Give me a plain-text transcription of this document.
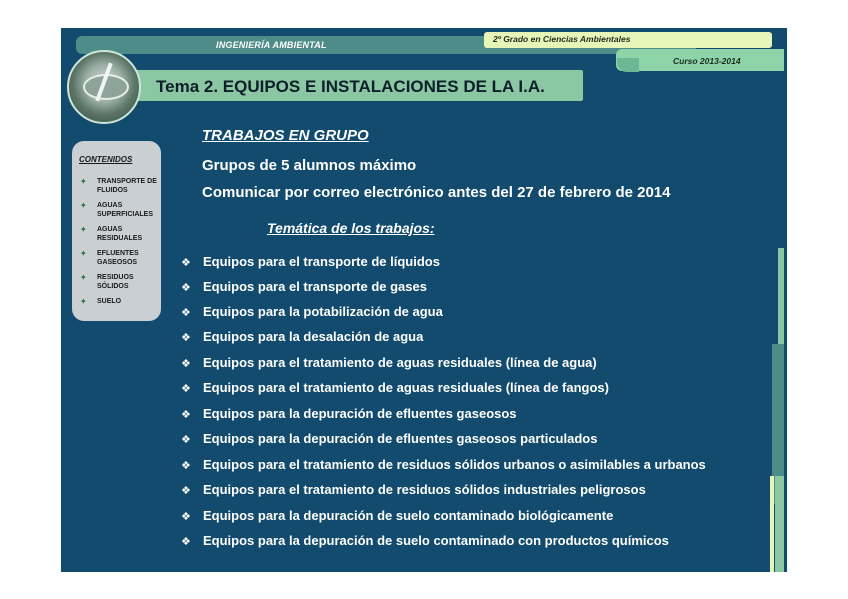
INGENIERÍA AMBIENTAL
2º Grado en Ciencias Ambientales
Curso 2013-2014
Tema 2. EQUIPOS E INSTALACIONES DE LA I.A.
CONTENIDOS
✦ TRANSPORTE DE FLUIDOS
✦ AGUAS SUPERFICIALES
✦ AGUAS RESIDUALES
✦ EFLUENTES GASEOSOS
✦ RESIDUOS SÓLIDOS
✦ SUELO
TRABAJOS EN GRUPO
Grupos de 5 alumnos máximo
Comunicar por correo electrónico antes del 27 de febrero de 2014
Temática de los trabajos:
❖ Equipos para el transporte de líquidos
❖ Equipos para el transporte de gases
❖ Equipos para la potabilización de agua
❖ Equipos para la desalación de agua
❖ Equipos para el tratamiento de aguas residuales (línea de agua)
❖ Equipos para el tratamiento de aguas residuales (línea de fangos)
❖ Equipos para la depuración de efluentes gaseosos
❖ Equipos para la depuración de efluentes gaseosos particulados
❖ Equipos para el tratamiento de residuos sólidos urbanos o asimilables a urbanos
❖ Equipos para el tratamiento de residuos sólidos industriales peligrosos
❖ Equipos para la depuración de suelo contaminado biológicamente
❖ Equipos para la depuración de suelo contaminado con productos químicos
